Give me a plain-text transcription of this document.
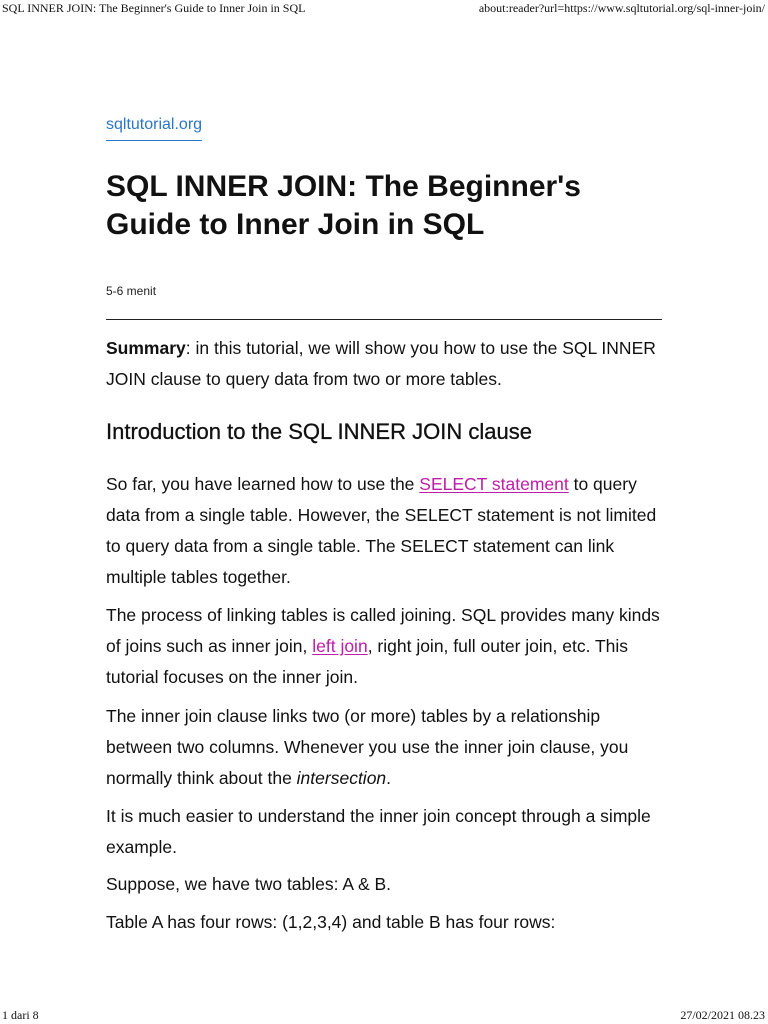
SQL INNER JOIN: The Beginner's Guide to Inner Join in SQL	about:reader?url=https://www.sqltutorial.org/sql-inner-join/
sqltutorial.org
SQL INNER JOIN: The Beginner's Guide to Inner Join in SQL
5-6 menit

Summary: in this tutorial, we will show you how to use the SQL INNER JOIN clause to query data from two or more tables.

Introduction to the SQL INNER JOIN clause

So far, you have learned how to use the SELECT statement to query data from a single table. However, the SELECT statement is not limited to query data from a single table. The SELECT statement can link multiple tables together.

The process of linking tables is called joining. SQL provides many kinds of joins such as inner join, left join, right join, full outer join, etc. This tutorial focuses on the inner join.

The inner join clause links two (or more) tables by a relationship between two columns. Whenever you use the inner join clause, you normally think about the intersection.

It is much easier to understand the inner join concept through a simple example.

Suppose, we have two tables: A & B.

Table A has four rows: (1,2,3,4) and table B has four rows:

1 dari 8	27/02/2021 08.23
